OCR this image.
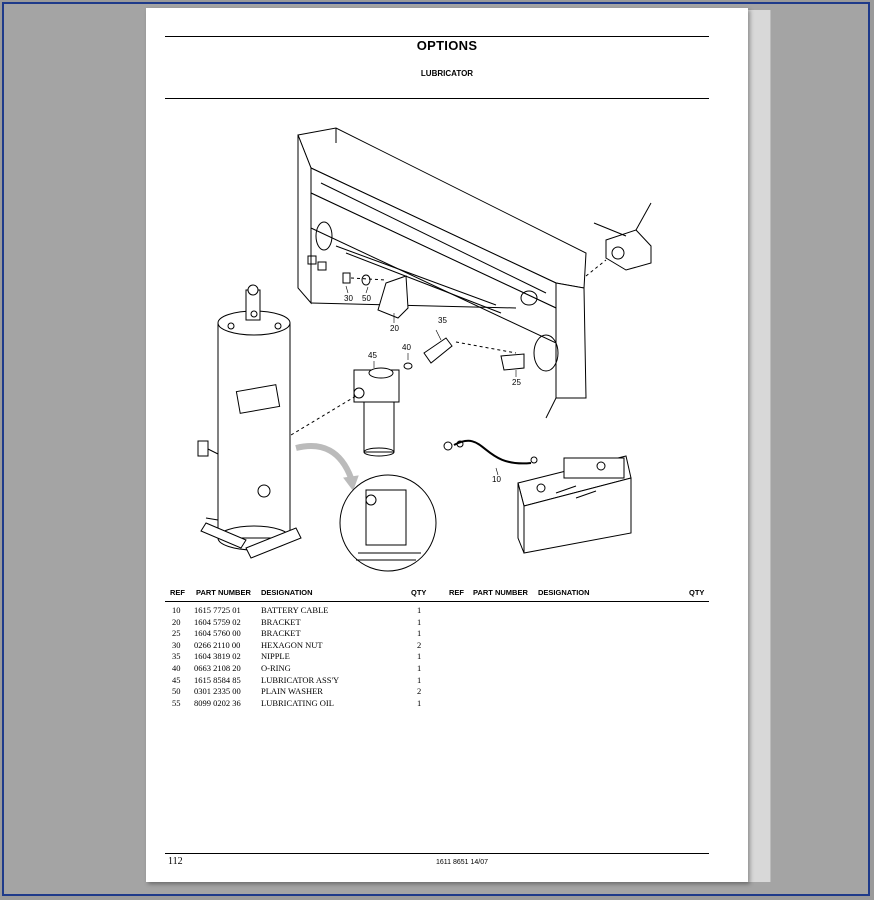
OPTIONS
LUBRICATOR
30 50
20
35
40
45
25
10
REF PART NUMBER DESIGNATION	QTY	REF PART NUMBER DESIGNATION	QTY
10 1615 7725 01 BATTERY CABLE	1
20 1604 5759 02 BRACKET	1
25 1604 5760 00 BRACKET	1
30 0266 2110 00 HEXAGON NUT	2
35 1604 3819 02 NIPPLE	1
40 0663 2108 20 O-RING	1
45 1615 8584 85 LUBRICATOR ASS'Y	1
50 0301 2335 00 PLAIN WASHER	2
55 8099 0202 36 LUBRICATING OIL	1
112	1611 8651 14/07
